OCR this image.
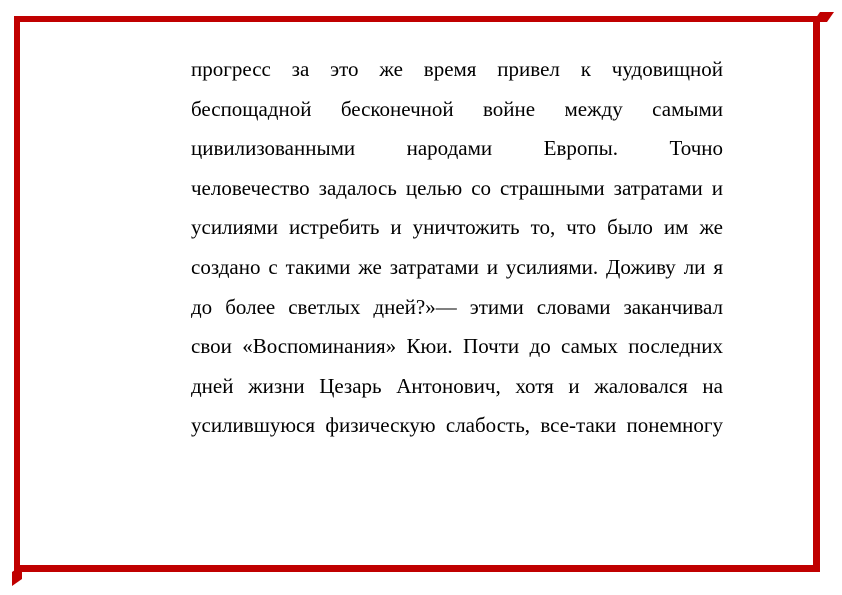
прогресс за это же время привел к чудовищной
беспощадной бесконечной войне между самыми
цивилизованными народами Европы. Точно
человечество задалось целью со страшными затратами и
усилиями истребить и уничтожить то, что было им же
создано с такими же затратами и усилиями. Доживу ли я
до более светлых дней?»— этими словами заканчивал
свои «Воспоминания» Кюи. Почти до самых последних
дней жизни Цезарь Антонович, хотя и жаловался на
усилившуюся физическую слабость, все-таки понемногу
